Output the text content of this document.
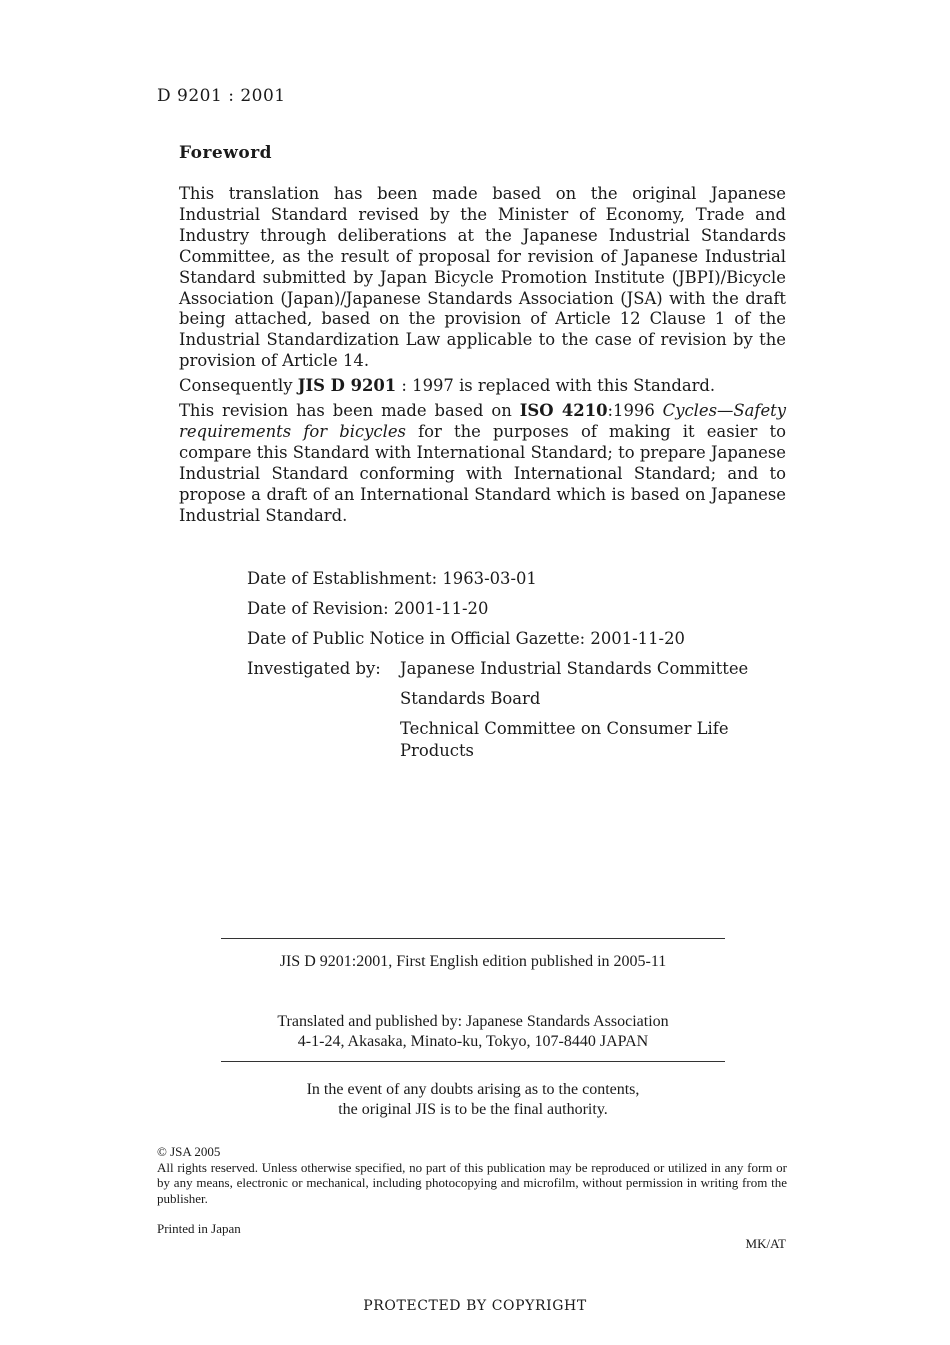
D 9201 : 2001
Foreword

This translation has been made based on the original Japanese Industrial Standard revised by the Minister of Economy, Trade and Industry through deliberations at the Japanese Industrial Standards Committee, as the result of proposal for revision of Japanese Industrial Standard submitted by Japan Bicycle Promotion Institute (JBPI)/Bicycle Association (Japan)/Japanese Standards Association (JSA) with the draft being attached, based on the provision of Article 12 Clause 1 of the Industrial Standardization Law applicable to the case of revision by the provision of Article 14.

Consequently JIS D 9201 : 1997 is replaced with this Standard.

This revision has been made based on ISO 4210:1996 Cycles—Safety requirements for bicycles for the purposes of making it easier to compare this Standard with International Standard; to prepare Japanese Industrial Standard conforming with International Standard; and to propose a draft of an International Standard which is based on Japanese Industrial Standard.

Date of Establishment: 1963-03-01
Date of Revision: 2001-11-20
Date of Public Notice in Official Gazette: 2001-11-20
Investigated by:	Japanese Industrial Standards Committee
Standards Board
Technical Committee on Consumer Life Products
JIS D 9201:2001, First English edition published in 2005-11
Translated and published by: Japanese Standards Association
4-1-24, Akasaka, Minato-ku, Tokyo, 107-8440 JAPAN
In the event of any doubts arising as to the contents,
the original JIS is to be the final authority.
© JSA 2005
All rights reserved. Unless otherwise specified, no part of this publication may be reproduced or utilized in any form or by any means, electronic or mechanical, including photocopying and microfilm, without permission in writing from the publisher.
Printed in Japan
MK/AT
PROTECTED BY COPYRIGHT
